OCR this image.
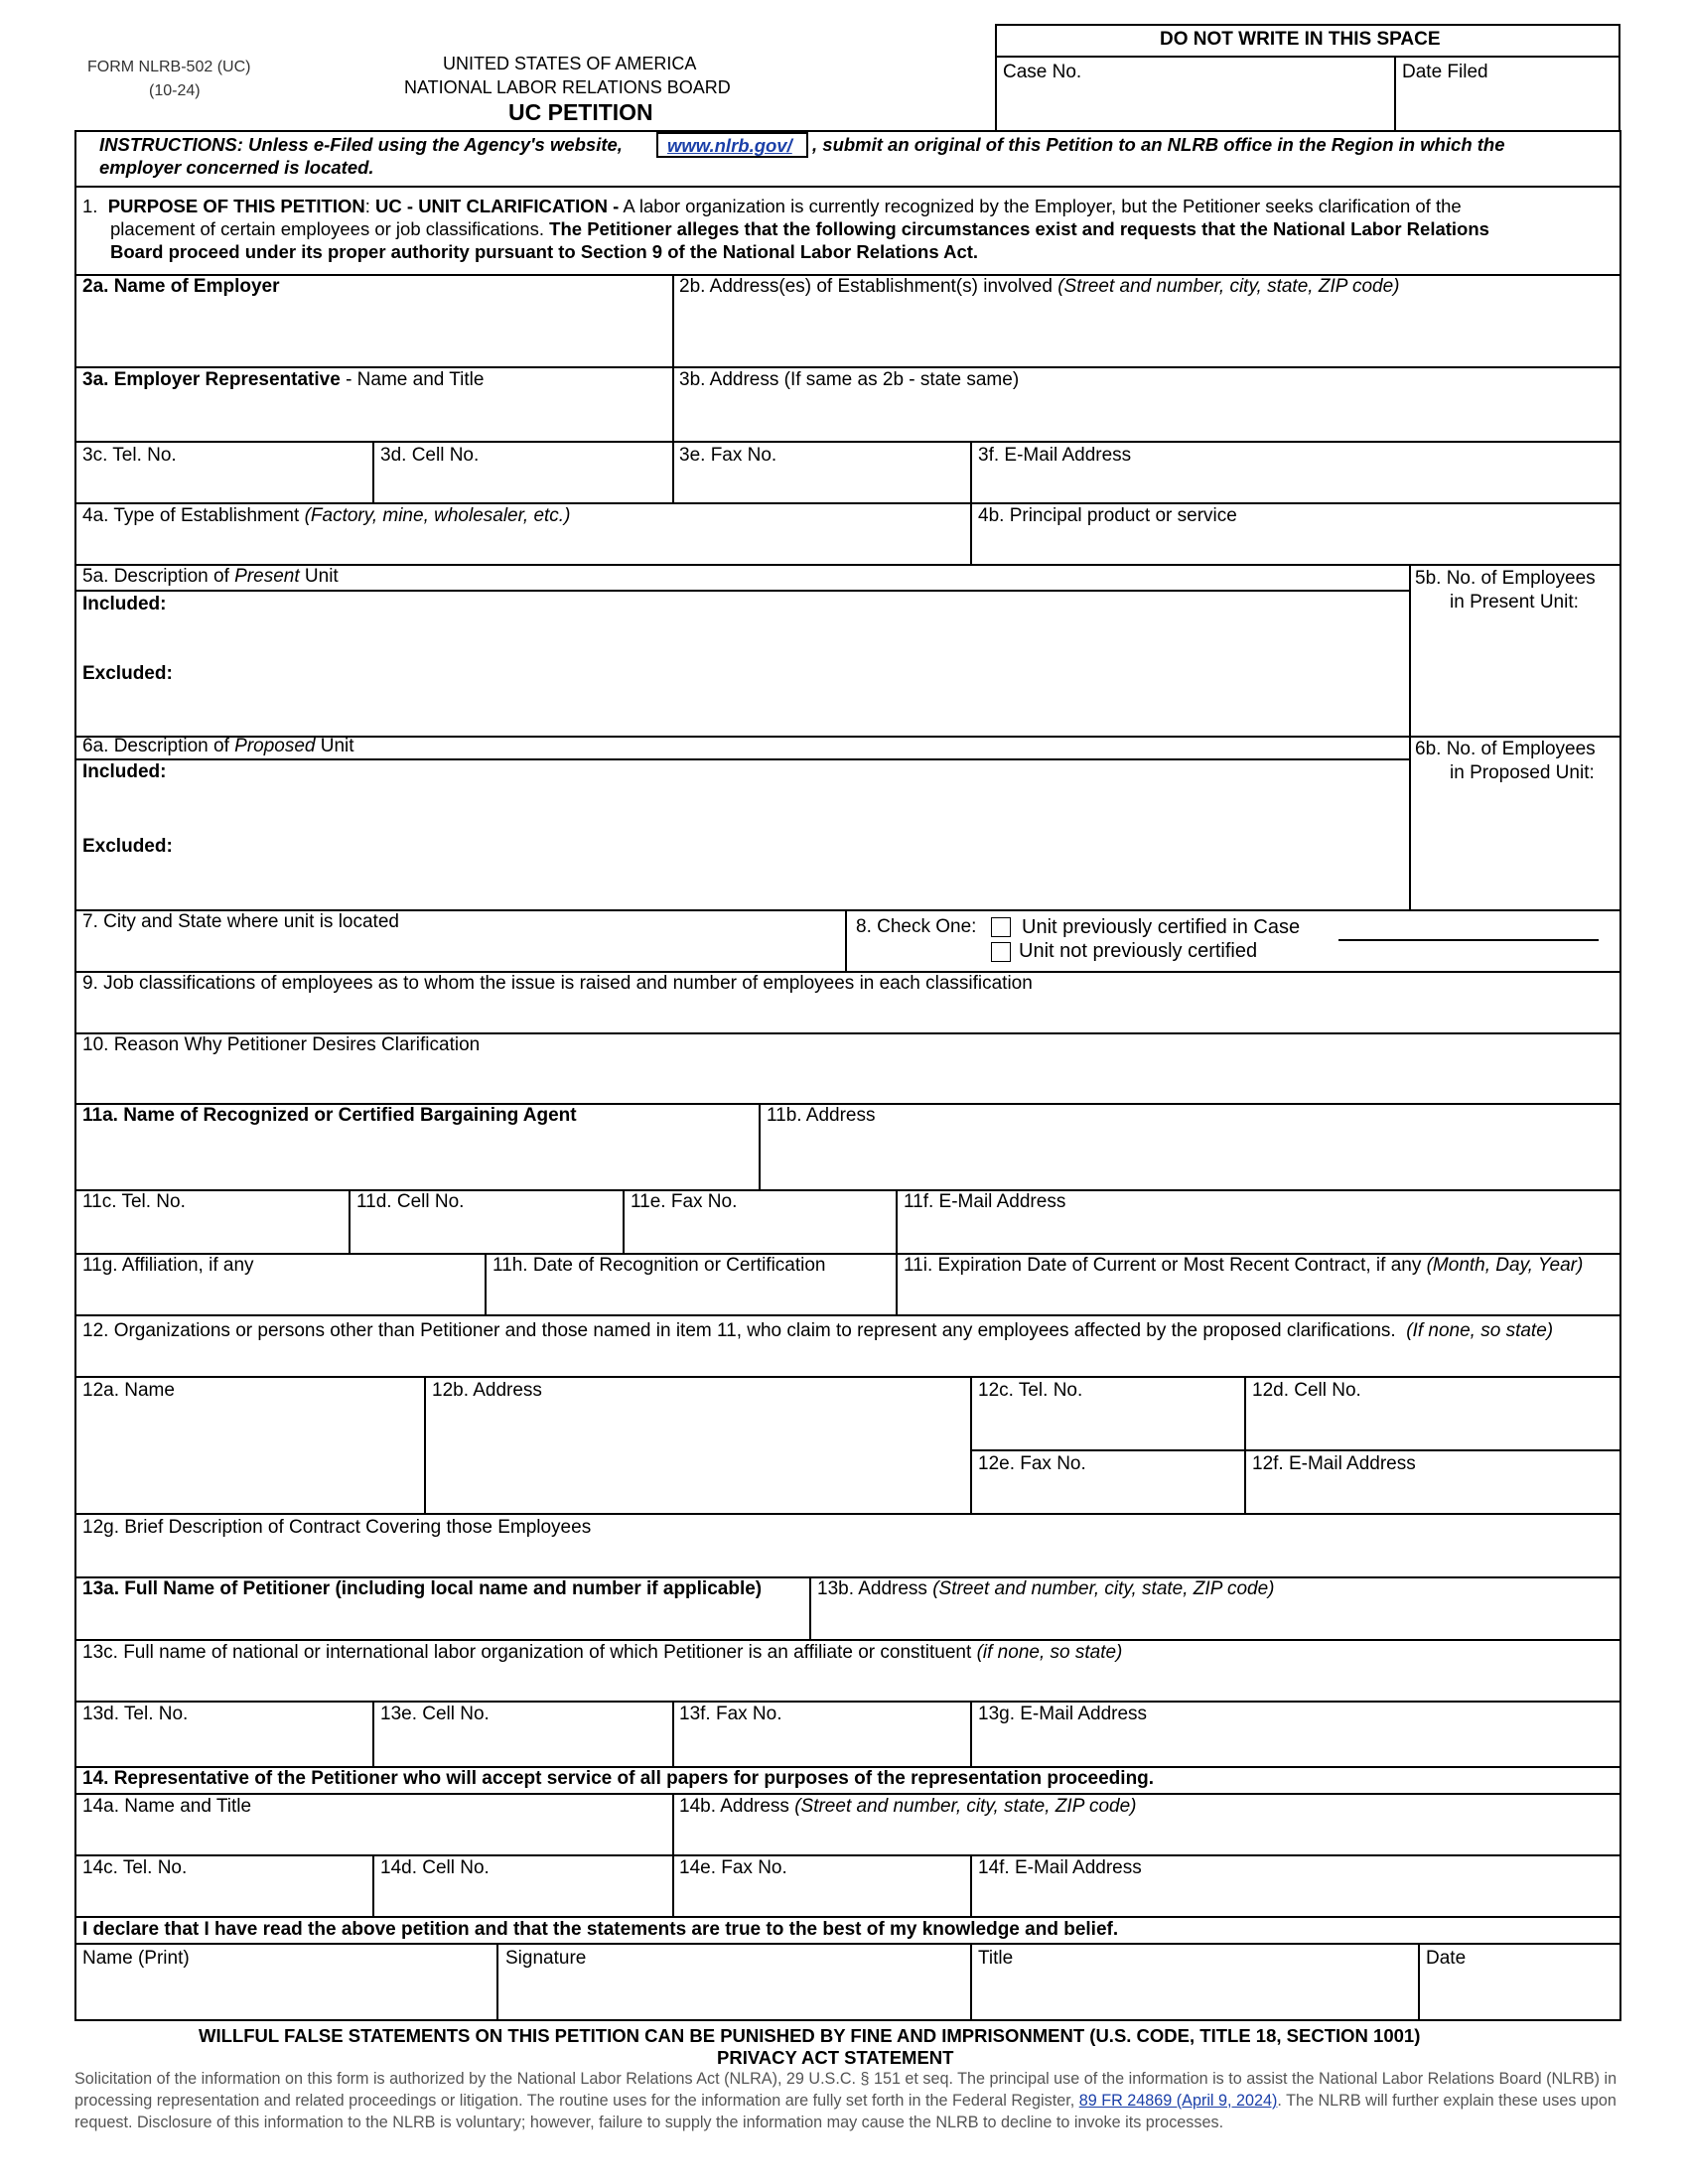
FORM NLRB-502 (UC)
(10-24)
UNITED STATES OF AMERICA
NATIONAL LABOR RELATIONS BOARD
UC PETITION
DO NOT WRITE IN THIS SPACE
Case No.	Date Filed
INSTRUCTIONS: Unless e-Filed using the Agency's website, www.nlrb.gov/ , submit an original of this Petition to an NLRB office in the Region in which the
employer concerned is located.
1. PURPOSE OF THIS PETITION: UC - UNIT CLARIFICATION - A labor organization is currently recognized by the Employer, but the Petitioner seeks clarification of the
placement of certain employees or job classifications. The Petitioner alleges that the following circumstances exist and requests that the National Labor Relations
Board proceed under its proper authority pursuant to Section 9 of the National Labor Relations Act.
2a. Name of Employer	2b. Address(es) of Establishment(s) involved (Street and number, city, state, ZIP code)
3a. Employer Representative - Name and Title	3b. Address (If same as 2b - state same)
3c. Tel. No.	3d. Cell No.	3e. Fax No.	3f. E-Mail Address
4a. Type of Establishment (Factory, mine, wholesaler, etc.)	4b. Principal product or service
5a. Description of Present Unit
Included:
Excluded:
5b. No. of Employees
in Present Unit:
6a. Description of Proposed Unit
Included:
Excluded:
6b. No. of Employees
in Proposed Unit:
7. City and State where unit is located	8. Check One: Unit previously certified in Case
Unit not previously certified
9. Job classifications of employees as to whom the issue is raised and number of employees in each classification
10. Reason Why Petitioner Desires Clarification
11a. Name of Recognized or Certified Bargaining Agent	11b. Address
11c. Tel. No.	11d. Cell No.	11e. Fax No.	11f. E-Mail Address
11g. Affiliation, if any	11h. Date of Recognition or Certification	11i. Expiration Date of Current or Most Recent Contract, if any (Month, Day, Year)
12. Organizations or persons other than Petitioner and those named in item 11, who claim to represent any employees affected by the proposed clarifications. (If none, so state)
12a. Name	12b. Address	12c. Tel. No.	12d. Cell No.
12e. Fax No.	12f. E-Mail Address
12g. Brief Description of Contract Covering those Employees
13a. Full Name of Petitioner (including local name and number if applicable)	13b. Address (Street and number, city, state, ZIP code)
13c. Full name of national or international labor organization of which Petitioner is an affiliate or constituent (if none, so state)
13d. Tel. No.	13e. Cell No.	13f. Fax No.	13g. E-Mail Address
14. Representative of the Petitioner who will accept service of all papers for purposes of the representation proceeding.
14a. Name and Title	14b. Address (Street and number, city, state, ZIP code)
14c. Tel. No.	14d. Cell No.	14e. Fax No.	14f. E-Mail Address
I declare that I have read the above petition and that the statements are true to the best of my knowledge and belief.
Name (Print)	Signature	Title	Date
WILLFUL FALSE STATEMENTS ON THIS PETITION CAN BE PUNISHED BY FINE AND IMPRISONMENT (U.S. CODE, TITLE 18, SECTION 1001)
PRIVACY ACT STATEMENT
Solicitation of the information on this form is authorized by the National Labor Relations Act (NLRA), 29 U.S.C. § 151 et seq. The principal use of the information is to assist the National Labor Relations Board (NLRB) in
processing representation and related proceedings or litigation. The routine uses for the information are fully set forth in the Federal Register, 89 FR 24869 (April 9, 2024). The NLRB will further explain these uses upon
request. Disclosure of this information to the NLRB is voluntary; however, failure to supply the information may cause the NLRB to decline to invoke its processes.
